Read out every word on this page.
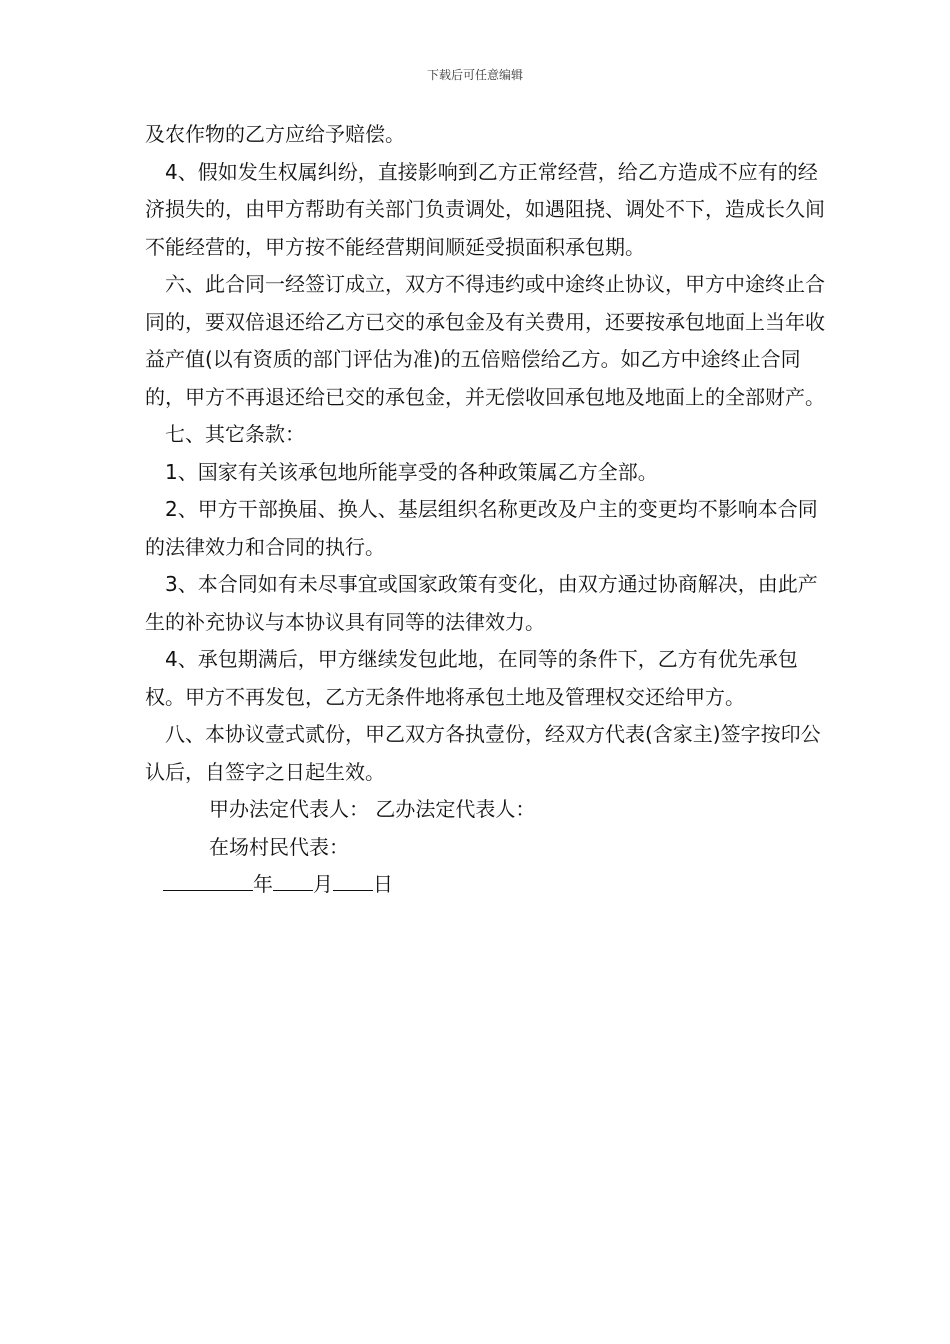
下载后可任意编辑

及农作物的乙方应给予赔偿。

4、假如发生权属纠纷，直接影响到乙方正常经营，给乙方造成不应有的经济损失的，由甲方帮助有关部门负责调处，如遇阻挠、调处不下，造成长久间不能经营的，甲方按不能经营期间顺延受损面积承包期。

六、此合同一经签订成立，双方不得违约或中途终止协议，甲方中途终止合同的，要双倍退还给乙方已交的承包金及有关费用，还要按承包地面上当年收益产值(以有资质的部门评估为准)的五倍赔偿给乙方。如乙方中途终止合同的，甲方不再退还给已交的承包金，并无偿收回承包地及地面上的全部财产。

七、其它条款：

1、国家有关该承包地所能享受的各种政策属乙方全部。

2、甲方干部换届、换人、基层组织名称更改及户主的变更均不影响本合同的法律效力和合同的执行。

3、本合同如有未尽事宜或国家政策有变化，由双方通过协商解决，由此产生的补充协议与本协议具有同等的法律效力。

4、承包期满后，甲方继续发包此地，在同等的条件下，乙方有优先承包权。甲方不再发包，乙方无条件地将承包土地及管理权交还给甲方。

八、本协议壹式贰份，甲乙双方各执壹份，经双方代表(含家主)签字按印公认后，自签字之日起生效。

甲办法定代表人： 乙办法定代表人：

在场村民代表：

年 月 日
